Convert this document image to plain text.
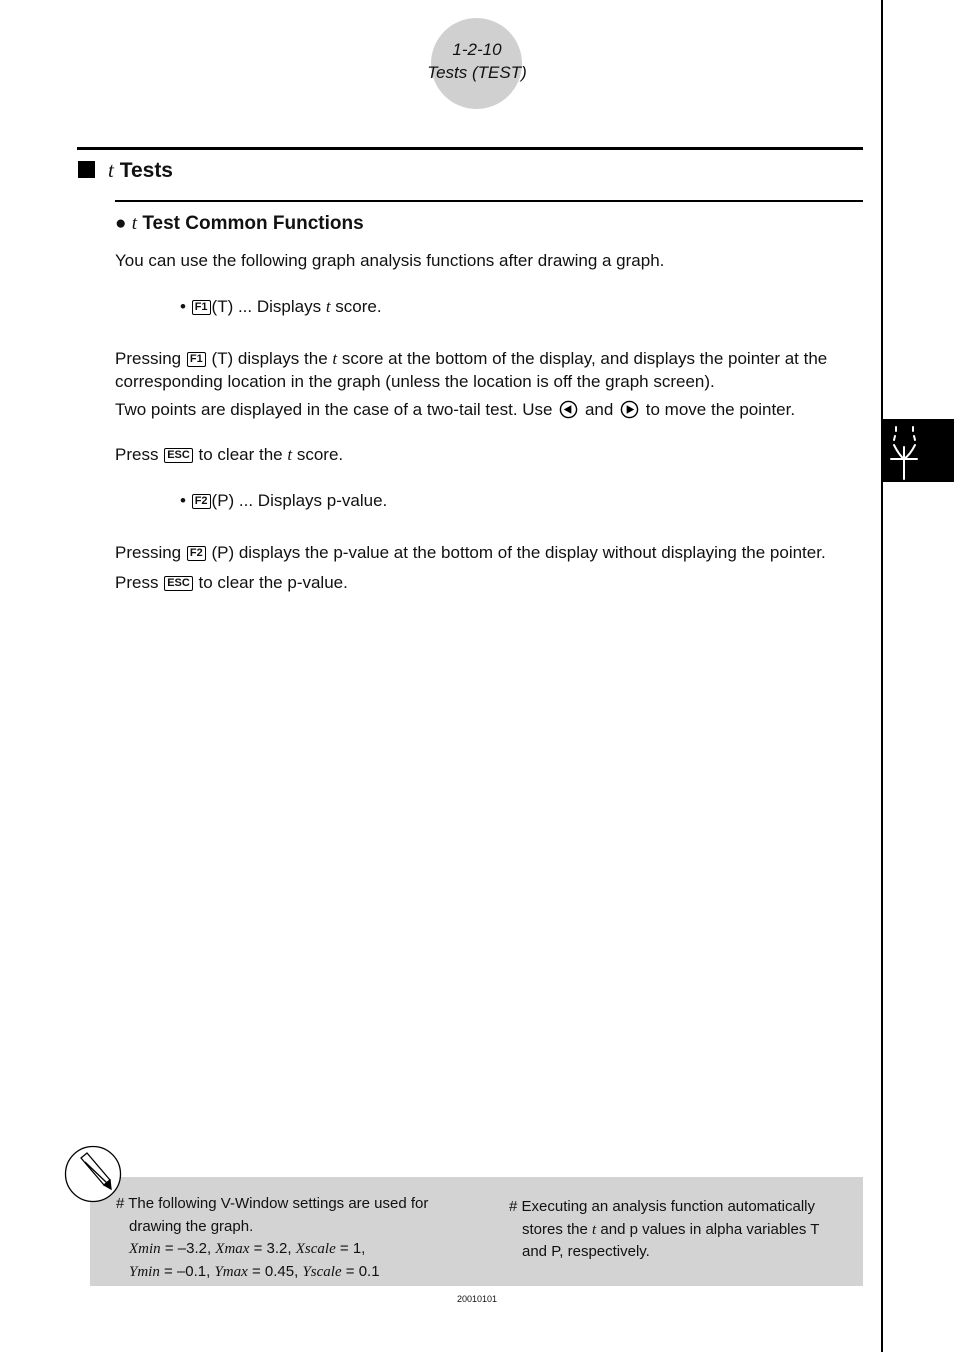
1-2-10
Tests (TEST)
t Tests
● t Test Common Functions
You can use the following graph analysis functions after drawing a graph.
• F1 (T) ... Displays t score.
Pressing F1 (T) displays the t score at the bottom of the display, and displays the pointer at the
corresponding location in the graph (unless the location is off the graph screen).
Two points are displayed in the case of a two-tail test. Use  and  to move the pointer.
Press ESC to clear the t score.
• F2 (P) ... Displays p-value.
Pressing F2 (P) displays the p-value at the bottom of the display without displaying the pointer.
Press ESC to clear the p-value.
# The following V-Window settings are used for
drawing the graph.
Xmin = –3.2, Xmax = 3.2, Xscale = 1,
Ymin = –0.1, Ymax = 0.45, Yscale = 0.1
# Executing an analysis function automatically
stores the t and p values in alpha variables T
and P, respectively.
20010101
